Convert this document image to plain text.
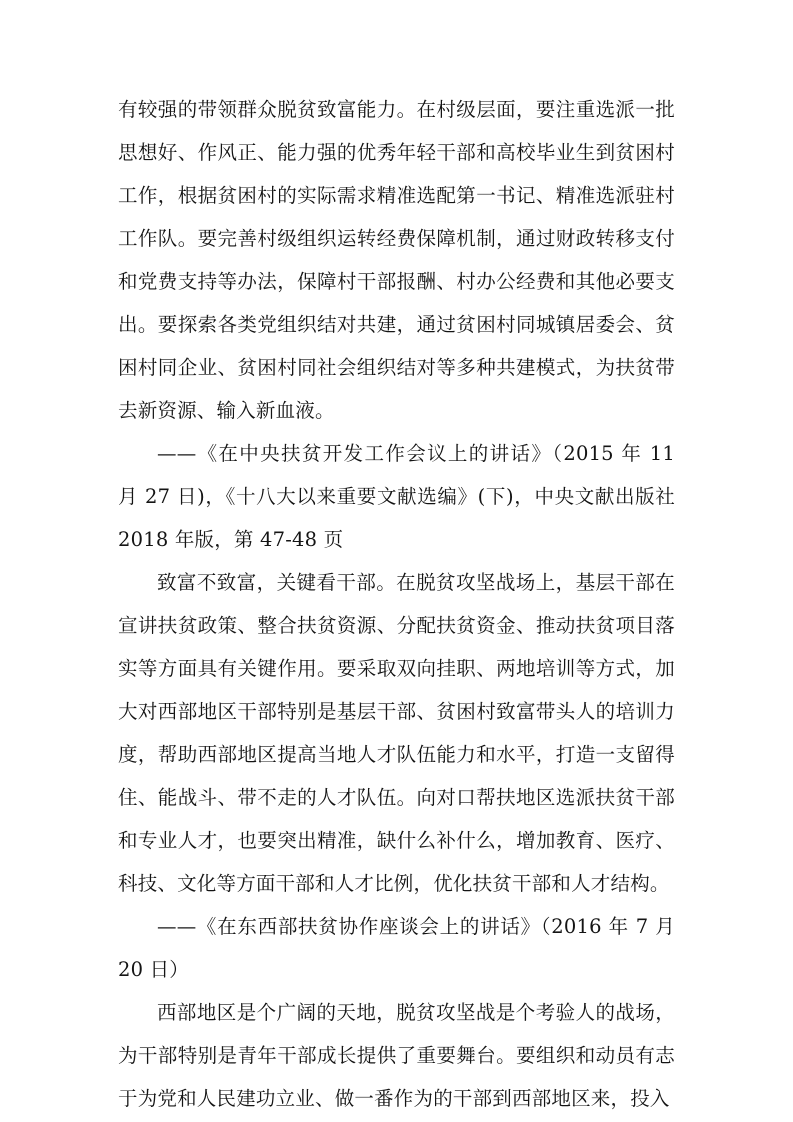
有较强的带领群众脱贫致富能力。在村级层面，要注重选派一批思想好、作风正、能力强的优秀年轻干部和高校毕业生到贫困村工作，根据贫困村的实际需求精准选配第一书记、精准选派驻村工作队。要完善村级组织运转经费保障机制，通过财政转移支付和党费支持等办法，保障村干部报酬、村办公经费和其他必要支出。要探索各类党组织结对共建，通过贫困村同城镇居委会、贫困村同企业、贫困村同社会组织结对等多种共建模式，为扶贫带去新资源、输入新血液。

——《在中央扶贫开发工作会议上的讲话》（2015 年 11 月 27 日)，《十八大以来重要文献选编》(下)，中央文献出版社 2018 年版，第 47-48 页

致富不致富，关键看干部。在脱贫攻坚战场上，基层干部在宣讲扶贫政策、整合扶贫资源、分配扶贫资金、推动扶贫项目落实等方面具有关键作用。要采取双向挂职、两地培训等方式，加大对西部地区干部特别是基层干部、贫困村致富带头人的培训力度，帮助西部地区提高当地人才队伍能力和水平，打造一支留得住、能战斗、带不走的人才队伍。向对口帮扶地区选派扶贫干部和专业人才，也要突出精准，缺什么补什么，增加教育、医疗、科技、文化等方面干部和人才比例，优化扶贫干部和人才结构。

——《在东西部扶贫协作座谈会上的讲话》（2016 年 7 月 20 日）

西部地区是个广阔的天地，脱贫攻坚战是个考验人的战场，为干部特别是青年干部成长提供了重要舞台。要组织和动员有志于为党和人民建功立业、做一番作为的干部到西部地区来，投入
